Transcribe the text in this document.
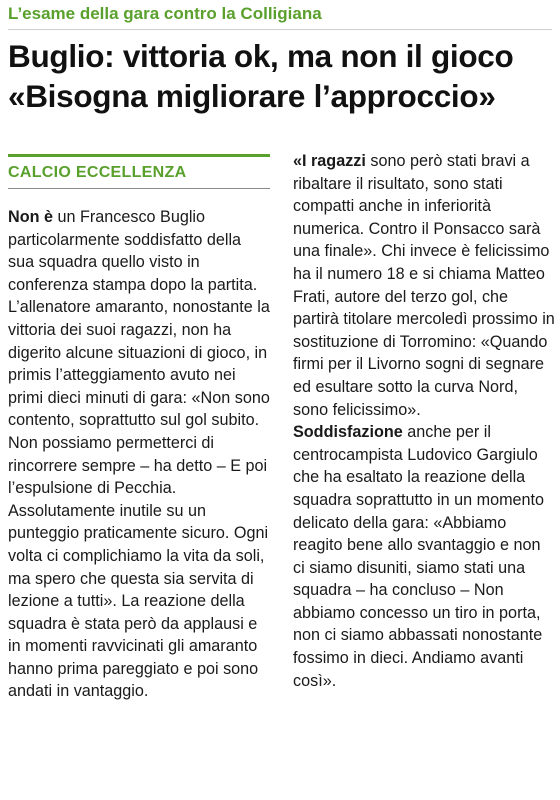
L’esame della gara contro la Colligiana
Buglio: vittoria ok, ma non il gioco
«Bisogna migliorare l’approccio»
CALCIO ECCELLENZA
Non è un Francesco Buglio particolarmente soddisfatto della sua squadra quello visto in conferenza stampa dopo la partita. L’allenatore amaranto, nonostante la vittoria dei suoi ragazzi, non ha digerito alcune situazioni di gioco, in primis l’atteggiamento avuto nei primi dieci minuti di gara: «Non sono contento, soprattutto sul gol subito. Non possiamo permetterci di rincorrere sempre – ha detto – E poi l’espulsione di Pecchia. Assolutamente inutile su un punteggio praticamente sicuro. Ogni volta ci complichiamo la vita da soli, ma spero che questa sia servita di lezione a tutti». La reazione della squadra è stata però da applausi e in momenti ravvicinati gli amaranto hanno prima pareggiato e poi sono andati in vantaggio.
«I ragazzi sono però stati bravi a ribaltare il risultato, sono stati compatti anche in inferiorità numerica. Contro il Ponsacco sarà una finale». Chi invece è felicissimo ha il numero 18 e si chiama Matteo Frati, autore del terzo gol, che partirà titolare mercoledì prossimo in sostituzione di Torromino: «Quando firmi per il Livorno sogni di segnare ed esultare sotto la curva Nord, sono felicissimo».
Soddisfazione anche per il centrocampista Ludovico Gargiulo che ha esaltato la reazione della squadra soprattutto in un momento delicato della gara: «Abbiamo reagito bene allo svantaggio e non ci siamo disuniti, siamo stati una squadra – ha concluso – Non abbiamo concesso un tiro in porta, non ci siamo abbassati nonostante fossimo in dieci. Andiamo avanti così».
